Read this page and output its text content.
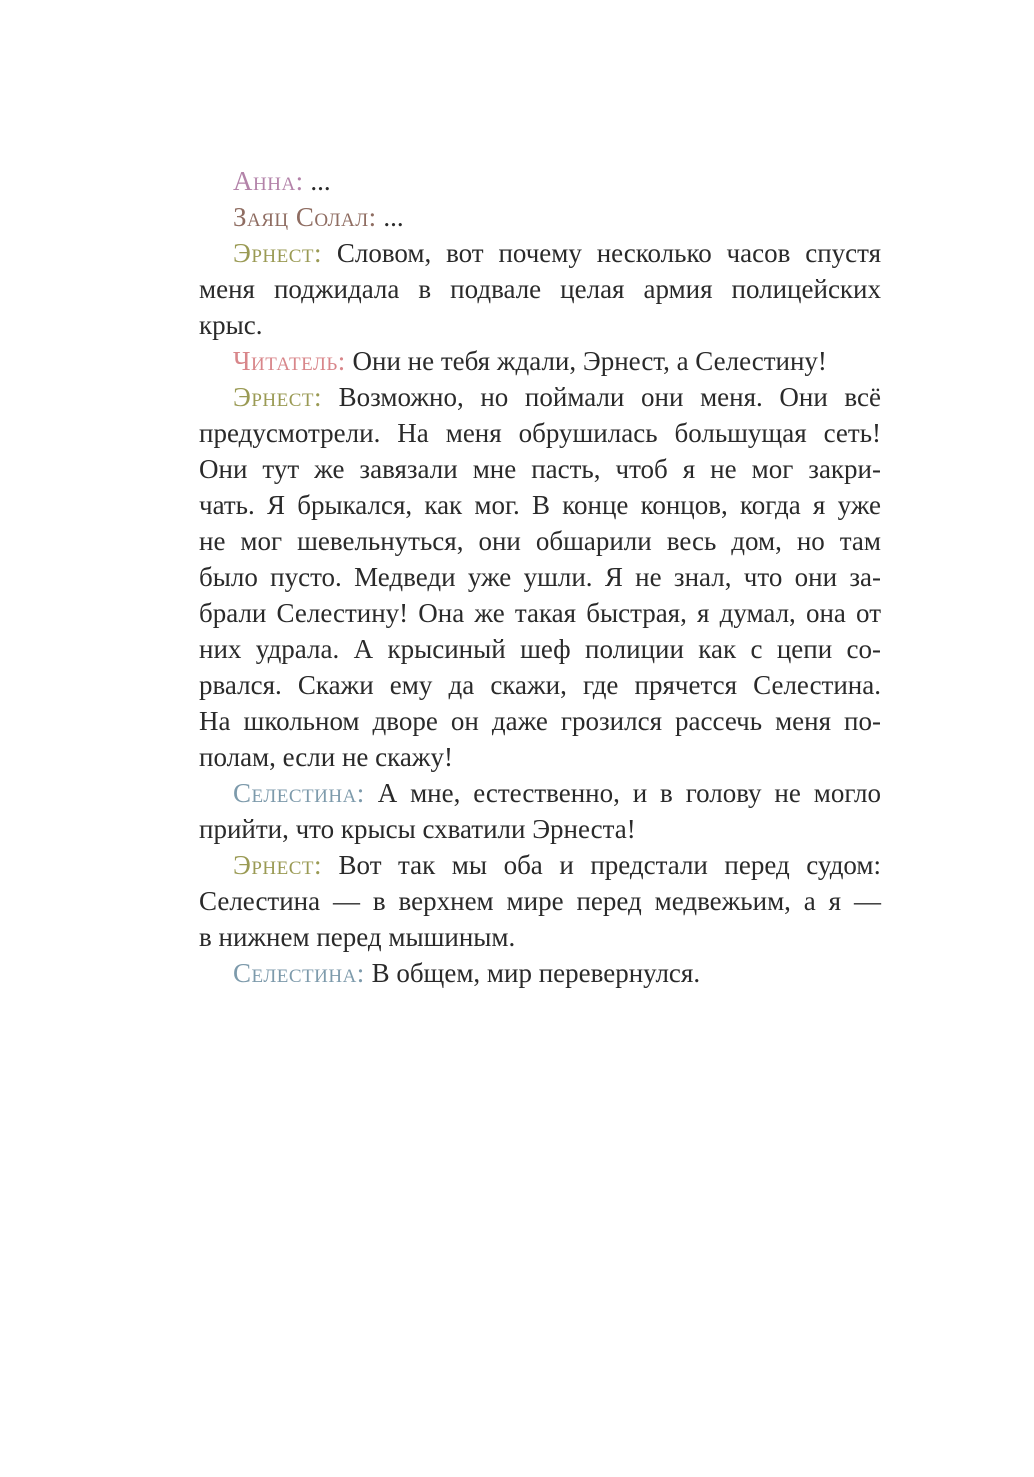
Анна: ...
Заяц Солал: ...
Эрнест: Словом, вот почему несколько часов спустя
меня поджидала в подвале целая армия полицейских
крыс.
Читатель: Они не тебя ждали, Эрнест, а Селестину!
Эрнест: Возможно, но поймали они меня. Они всё
предусмотрели. На меня обрушилась большущая сеть!
Они тут же завязали мне пасть, чтоб я не мог закри-
чать. Я брыкался, как мог. В конце концов, когда я уже
не мог шевельнуться, они обшарили весь дом, но там
было пусто. Медведи уже ушли. Я не знал, что они за-
брали Селестину! Она же такая быстрая, я думал, она от
них удрала. А крысиный шеф полиции как с цепи со-
рвался. Скажи ему да скажи, где прячется Селестина.
На школьном дворе он даже грозился рассечь меня по-
полам, если не скажу!
Селестина: А мне, естественно, и в голову не могло
прийти, что крысы схватили Эрнеста!
Эрнест: Вот так мы оба и предстали перед судом:
Селестина — в верхнем мире перед медвежьим, а я —
в нижнем перед мышиным.
Селестина: В общем, мир перевернулся.
